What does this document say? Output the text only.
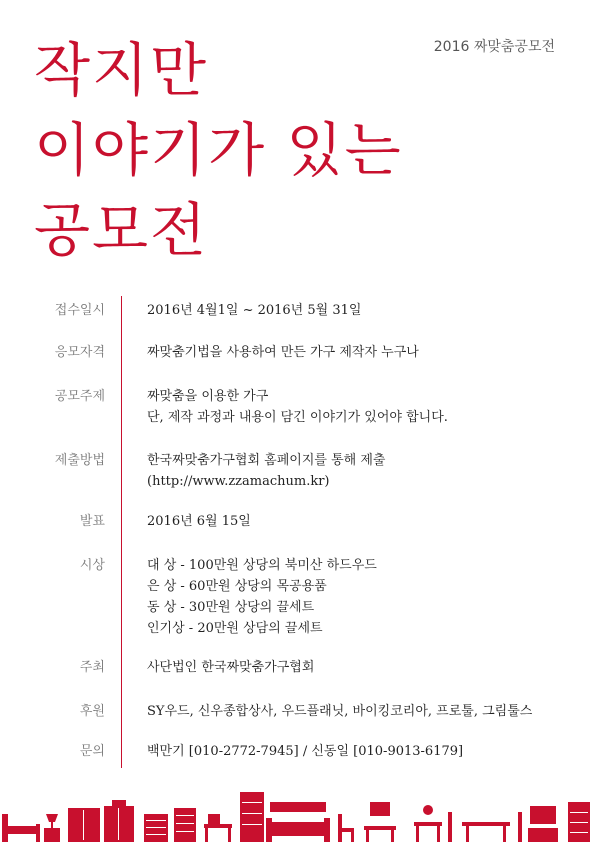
2016 짜맞춤공모전
작지만
이야기가 있는
공모전
접수일시	2016년 4월1일 ~ 2016년 5월 31일
응모자격	짜맞춤기법을 사용하여 만든 가구 제작자 누구나
공모주제	짜맞춤을 이용한 가구
단, 제작 과정과 내용이 담긴 이야기가 있어야 합니다.
제출방법	한국짜맞춤가구협회 홈페이지를 통해 제출
(http://www.zzamachum.kr)
발표	2016년 6월 15일
시상	대 상 - 100만원 상당의 북미산 하드우드
은 상 - 60만원 상당의 목공용품
동 상 - 30만원 상당의 끌세트
인기상 - 20만원 상담의 끌세트
주최	사단법인 한국짜맞춤가구협회
후원	SY우드, 신우종합상사, 우드플래닛, 바이킹코리아, 프로툴, 그림툴스
문의	백만기 [010-2772-7945] / 신동일 [010-9013-6179]
